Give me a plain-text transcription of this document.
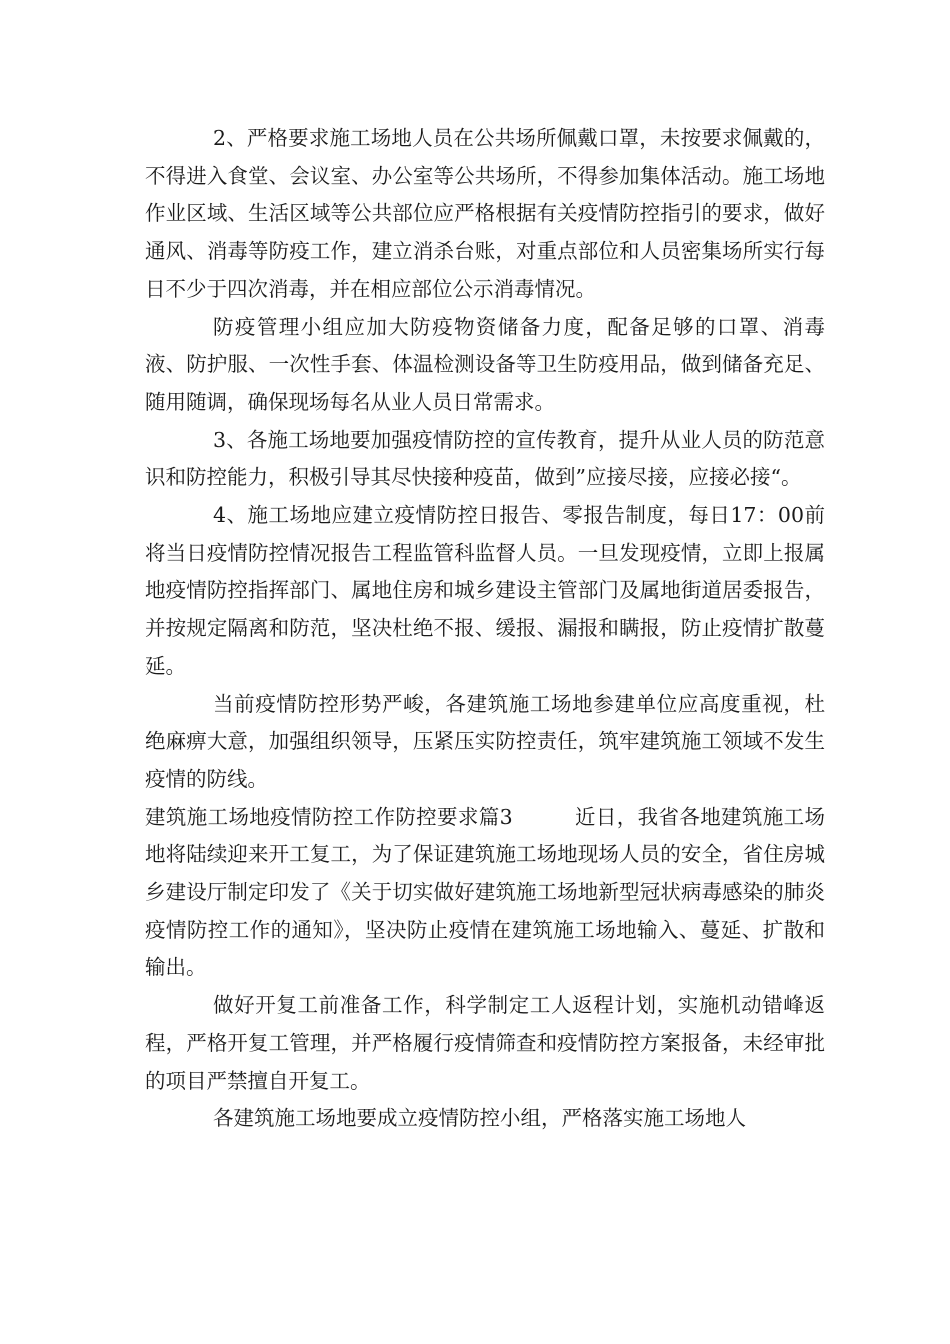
2、严格要求施工场地人员在公共场所佩戴口罩，未按要求佩戴的，不得进入食堂、会议室、办公室等公共场所，不得参加集体活动。施工场地作业区域、生活区域等公共部位应严格根据有关疫情防控指引的要求，做好通风、消毒等防疫工作，建立消杀台账，对重点部位和人员密集场所实行每日不少于四次消毒，并在相应部位公示消毒情况。

防疫管理小组应加大防疫物资储备力度，配备足够的口罩、消毒液、防护服、一次性手套、体温检测设备等卫生防疫用品，做到储备充足、随用随调，确保现场每名从业人员日常需求。

3、各施工场地要加强疫情防控的宣传教育，提升从业人员的防范意识和防控能力，积极引导其尽快接种疫苗，做到”应接尽接，应接必接“。

4、施工场地应建立疫情防控日报告、零报告制度，每日17：00前将当日疫情防控情况报告工程监管科监督人员。一旦发现疫情，立即上报属地疫情防控指挥部门、属地住房和城乡建设主管部门及属地街道居委报告，并按规定隔离和防范，坚决杜绝不报、缓报、漏报和瞒报，防止疫情扩散蔓延。

当前疫情防控形势严峻，各建筑施工场地参建单位应高度重视，杜绝麻痹大意，加强组织领导，压紧压实防控责任，筑牢建筑施工领域不发生疫情的防线。

建筑施工场地疫情防控工作防控要求篇3	近日，我省各地建筑施工场地将陆续迎来开工复工，为了保证建筑施工场地现场人员的安全，省住房城乡建设厅制定印发了《关于切实做好建筑施工场地新型冠状病毒感染的肺炎疫情防控工作的通知》，坚决防止疫情在建筑施工场地输入、蔓延、扩散和输出。

做好开复工前准备工作，科学制定工人返程计划，实施机动错峰返程，严格开复工管理，并严格履行疫情筛查和疫情防控方案报备，未经审批的项目严禁擅自开复工。

各建筑施工场地要成立疫情防控小组，严格落实施工场地人
